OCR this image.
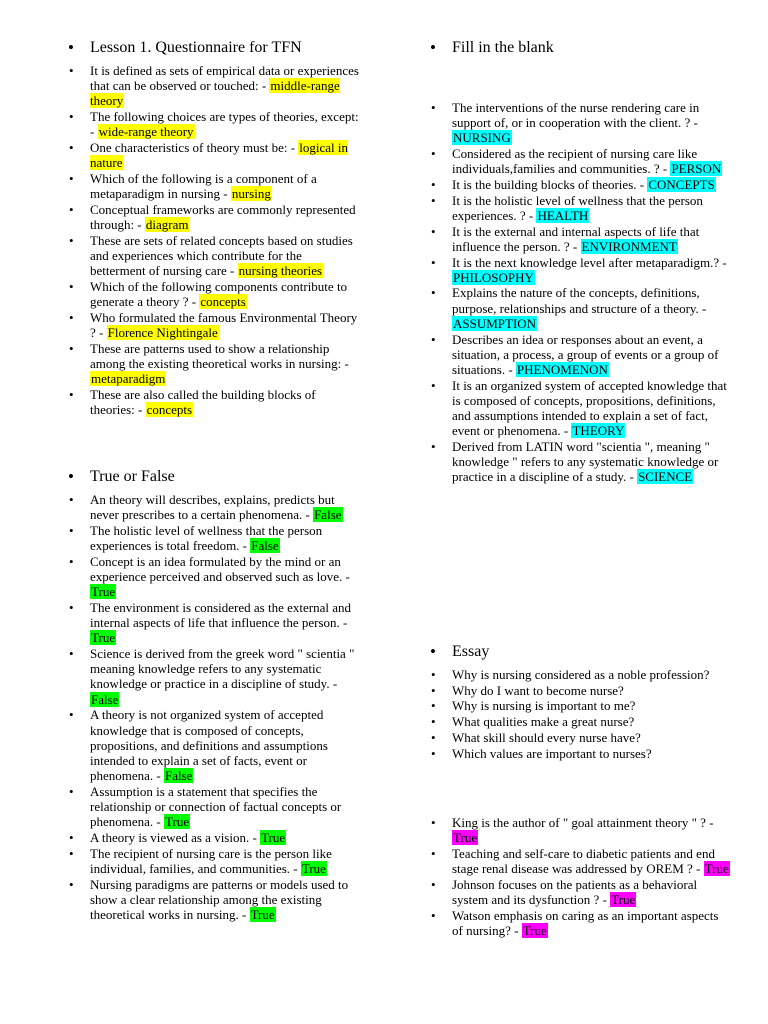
• Lesson 1. Questionnaire for TFN
• It is defined as sets of empirical data or experiences that can be observed or touched: - middle-range theory
• The following choices are types of theories, except: - wide-range theory
• One characteristics of theory must be: - logical in nature
• Which of the following is a component of a metaparadigm in nursing - nursing
• Conceptual frameworks are commonly represented through: - diagram
• These are sets of related concepts based on studies and experiences which contribute for the betterment of nursing care - nursing theories
• Which of the following components contribute to generate a theory ? - concepts
• Who formulated the famous Environmental Theory ? - Florence Nightingale
• These are patterns used to show a relationship among the existing theoretical works in nursing: - metaparadigm
• These are also called the building blocks of theories: - concepts
• True or False
• An theory will describes, explains, predicts but never prescribes to a certain phenomena. - False
• The holistic level of wellness that the person experiences is total freedom. - False
• Concept is an idea formulated by the mind or an experience perceived and observed such as love. - True
• The environment is considered as the external and internal aspects of life that influence the person. - True
• Science is derived from the greek word " scientia " meaning knowledge refers to any systematic knowledge or practice in a discipline of study. - False
• A theory is not organized system of accepted knowledge that is composed of concepts, propositions, and definitions and assumptions intended to explain a set of facts, event or phenomena. - False
• Assumption is a statement that specifies the relationship or connection of factual concepts or phenomena. - True
• A theory is viewed as a vision. - True
• The recipient of nursing care is the person like individual, families, and communities. - True
• Nursing paradigms are patterns or models used to show a clear relationship among the existing theoretical works in nursing. - True
• Fill in the blank
• The interventions of the nurse rendering care in support of, or in cooperation with the client. ? - NURSING
• Considered as the recipient of nursing care like individuals,families and communities. ? - PERSON
• It is the building blocks of theories. - CONCEPTS
• It is the holistic level of wellness that the person experiences. ? - HEALTH
• It is the external and internal aspects of life that influence the person. ? - ENVIRONMENT
• It is the next knowledge level after metaparadigm.? - PHILOSOPHY
• Explains the nature of the concepts, definitions, purpose, relationships and structure of a theory. - ASSUMPTION
• Describes an idea or responses about an event, a situation, a process, a group of events or a group of situations. - PHENOMENON
• It is an organized system of accepted knowledge that is composed of concepts, propositions, definitions, and assumptions intended to explain a set of fact, event or phenomena. - THEORY
• Derived from LATIN word "scientia ", meaning " knowledge " refers to any systematic knowledge or practice in a discipline of a study. - SCIENCE
• Essay
• Why is nursing considered as a noble profession?
• Why do I want to become nurse?
• Why is nursing is important to me?
• What qualities make a great nurse?
• What skill should every nurse have?
• Which values are important to nurses?
• King is the author of " goal attainment theory " ? - True
• Teaching and self-care to diabetic patients and end stage renal disease was addressed by OREM ? - True
• Johnson focuses on the patients as a behavioral system and its dysfunction ? - True
• Watson emphasis on caring as an important aspects of nursing? - True
